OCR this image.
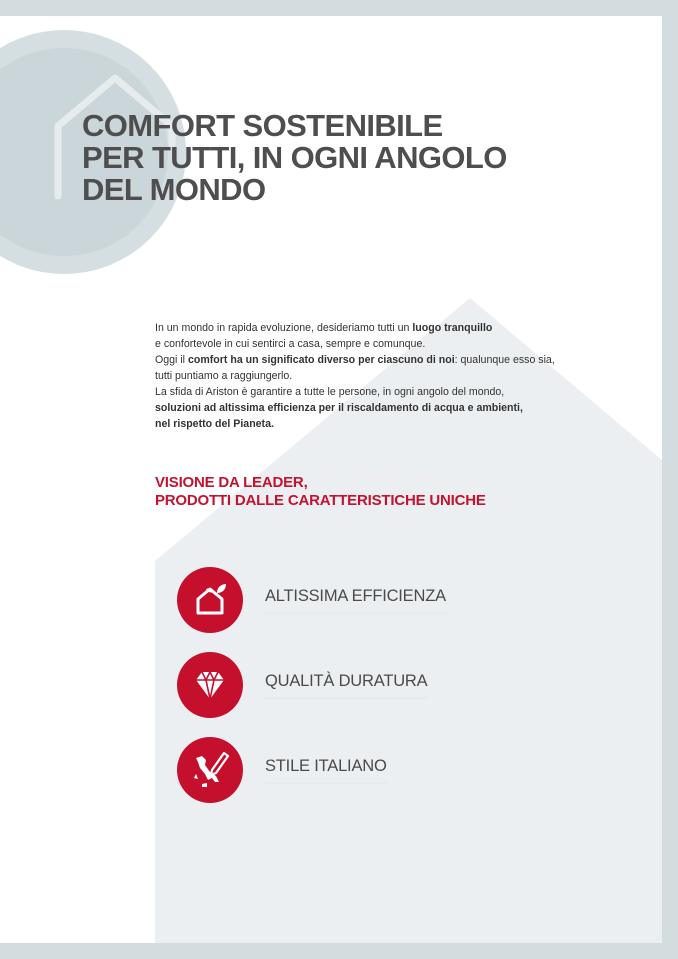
COMFORT SOSTENIBILE
PER TUTTI, IN OGNI ANGOLO
DEL MONDO

In un mondo in rapida evoluzione, desideriamo tutti un luogo tranquillo
e confortevole in cui sentirci a casa, sempre e comunque.

Oggi il comfort ha un significato diverso per ciascuno di noi: qualunque esso sia,
tutti puntiamo a raggiungerlo.

La sfida di Ariston è garantire a tutte le persone, in ogni angolo del mondo,
soluzioni ad altissima efficienza per il riscaldamento di acqua e ambienti,
nel rispetto del Pianeta.

VISIONE DA LEADER,
PRODOTTI DALLE CARATTERISTICHE UNICHE
ALTISSIMA EFFICIENZA
QUALITÀ DURATURA
STILE ITALIANO
